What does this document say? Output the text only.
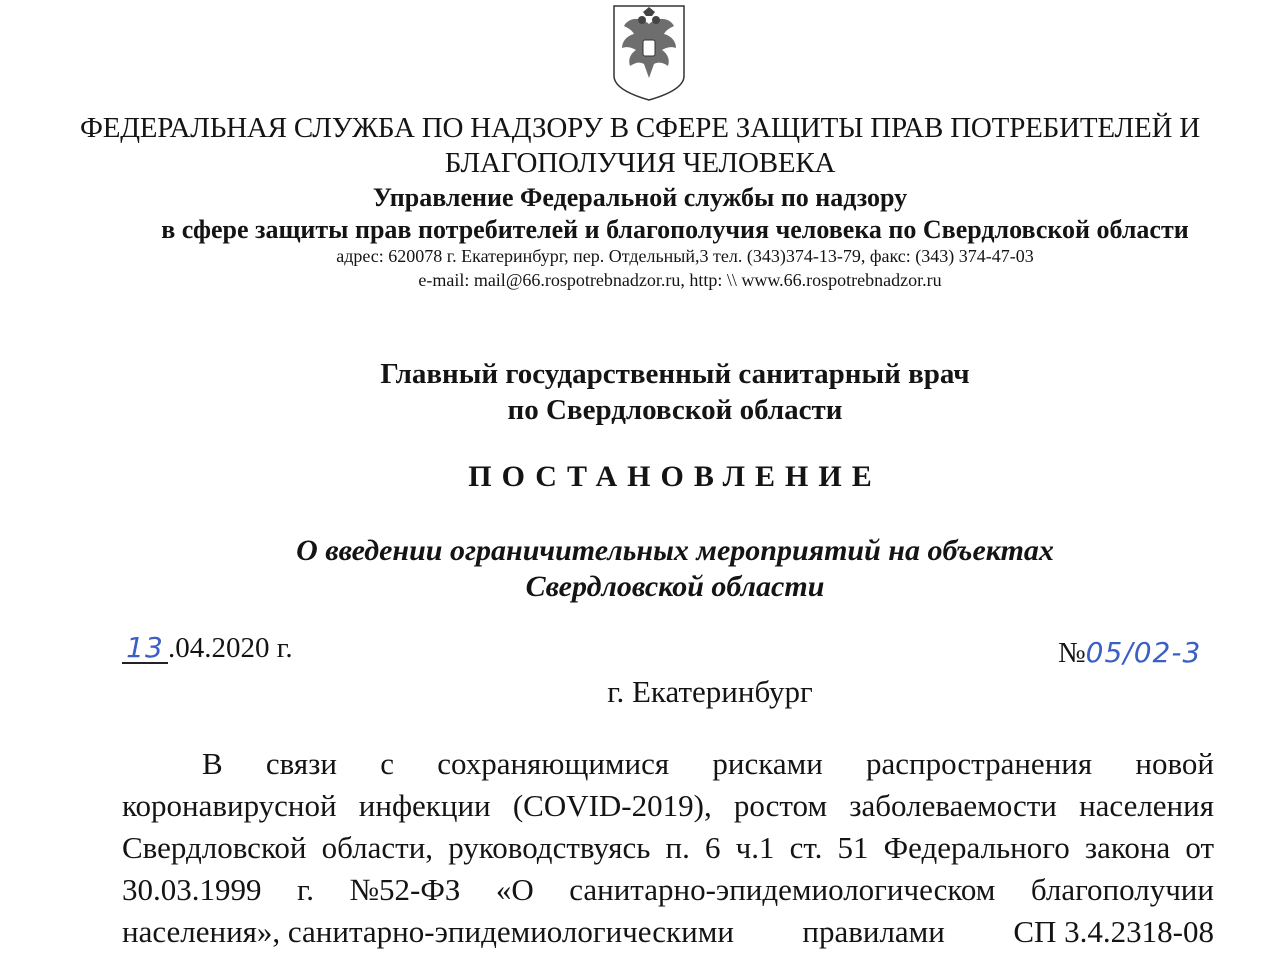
ФЕДЕРАЛЬНАЯ СЛУЖБА ПО НАДЗОРУ В СФЕРЕ ЗАЩИТЫ ПРАВ ПОТРЕБИТЕЛЕЙ И
БЛАГОПОЛУЧИЯ ЧЕЛОВЕКА
Управление Федеральной службы по надзору
в сфере защиты прав потребителей и благополучия человека по Свердловской области
адрес: 620078 г. Екатеринбург, пер. Отдельный,3 тел. (343)374-13-79, факс: (343) 374-47-03
e-mail: mail@66.rospotrebnadzor.ru, http: \\ www.66.rospotrebnadzor.ru
Главный государственный санитарный врач
по Свердловской области
ПОСТАНОВЛЕНИЕ
О введении ограничительных мероприятий на объектах
Свердловской области
13 .04.2020 г.	№05/02-3
г. Екатеринбург
В связи с сохраняющимися рисками распространения новой
коронавирусной инфекции (COVID-2019), ростом заболеваемости населения
Свердловской области, руководствуясь п. 6 ч.1 ст. 51 Федерального закона от
30.03.1999 г. №52-ФЗ «О санитарно-эпидемиологическом благополучии
населения», санитарно-эпидемиологическими правилами СП 3.4.2318-08
